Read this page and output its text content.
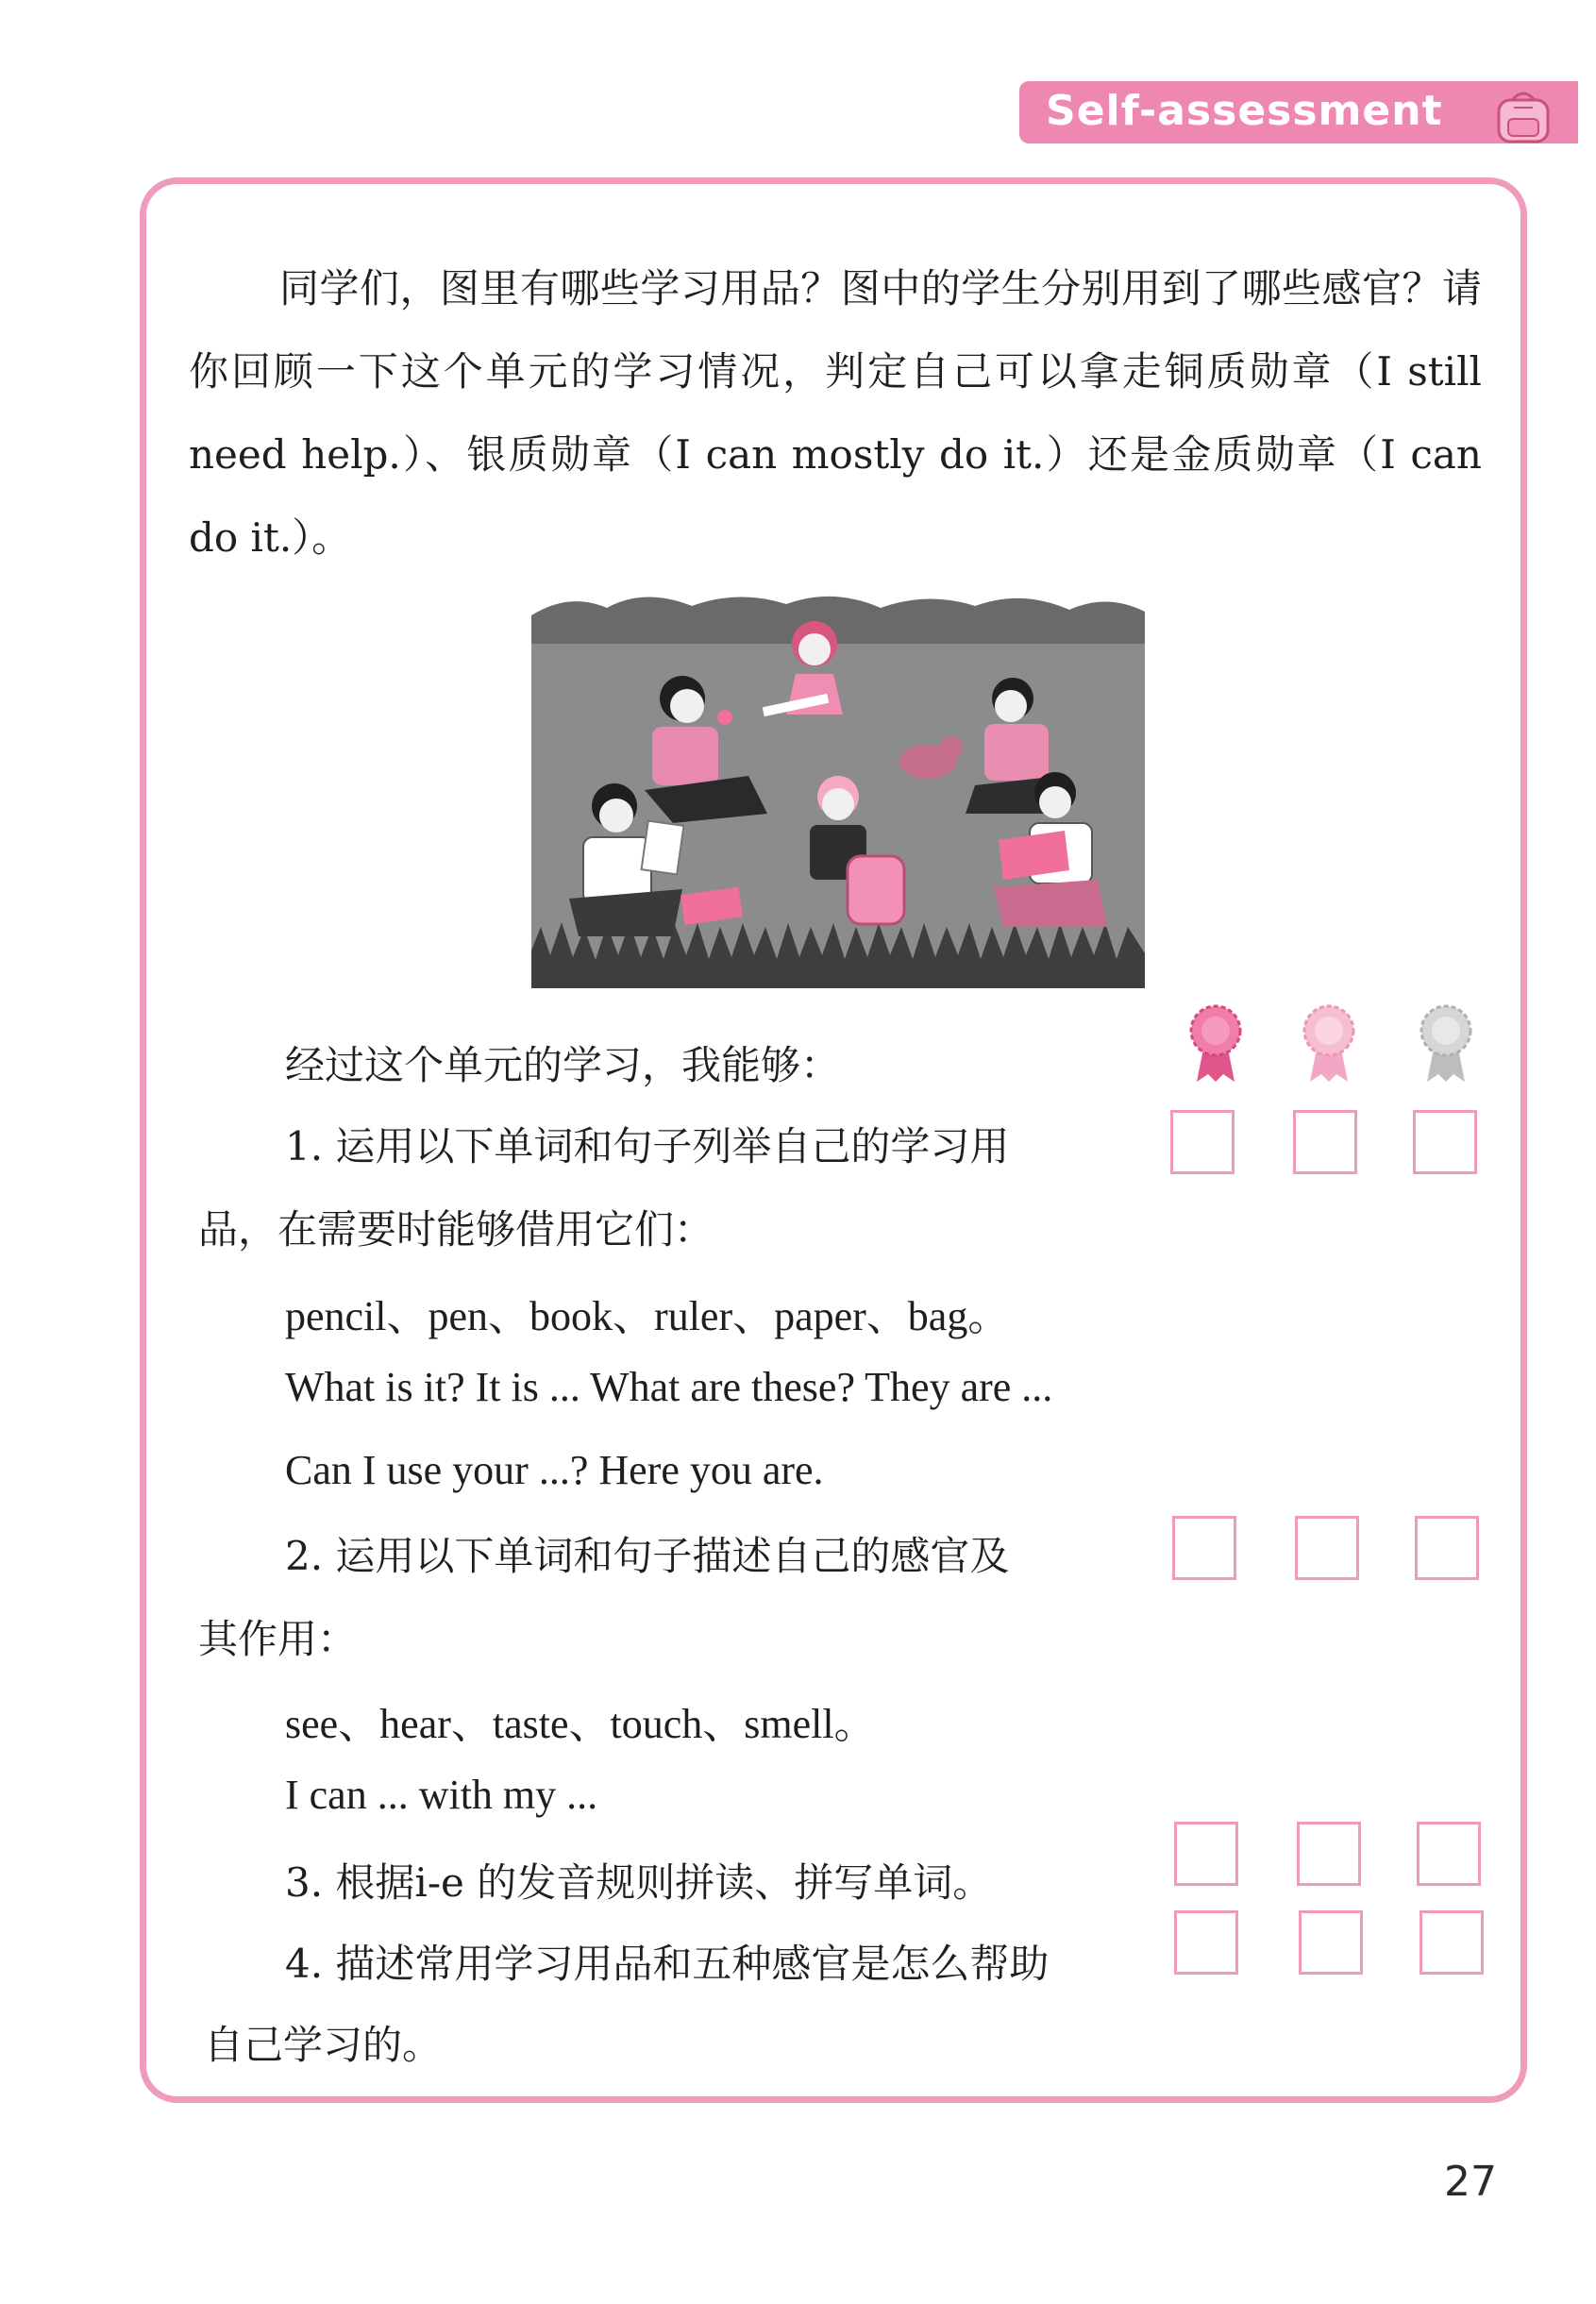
Self-assessment
同学们，图里有哪些学习用品？图中的学生分别用到了哪些感官？请你回顾一下这个单元的学习情况，判定自己可以拿走铜质勋章（I still need help.）、银质勋章（I can mostly do it.）还是金质勋章（I can do it.）。
经过这个单元的学习，我能够：
1. 运用以下单词和句子列举自己的学习用
品，在需要时能够借用它们：
pencil、pen、book、ruler、paper、bag。
What is it? It is ... What are these? They are ...
Can I use your ...? Here you are.
2. 运用以下单词和句子描述自己的感官及
其作用：
see、hear、taste、touch、smell。
I can ... with my ...
3. 根据i-e 的发音规则拼读、拼写单词。
4. 描述常用学习用品和五种感官是怎么帮助
自己学习的。
27
